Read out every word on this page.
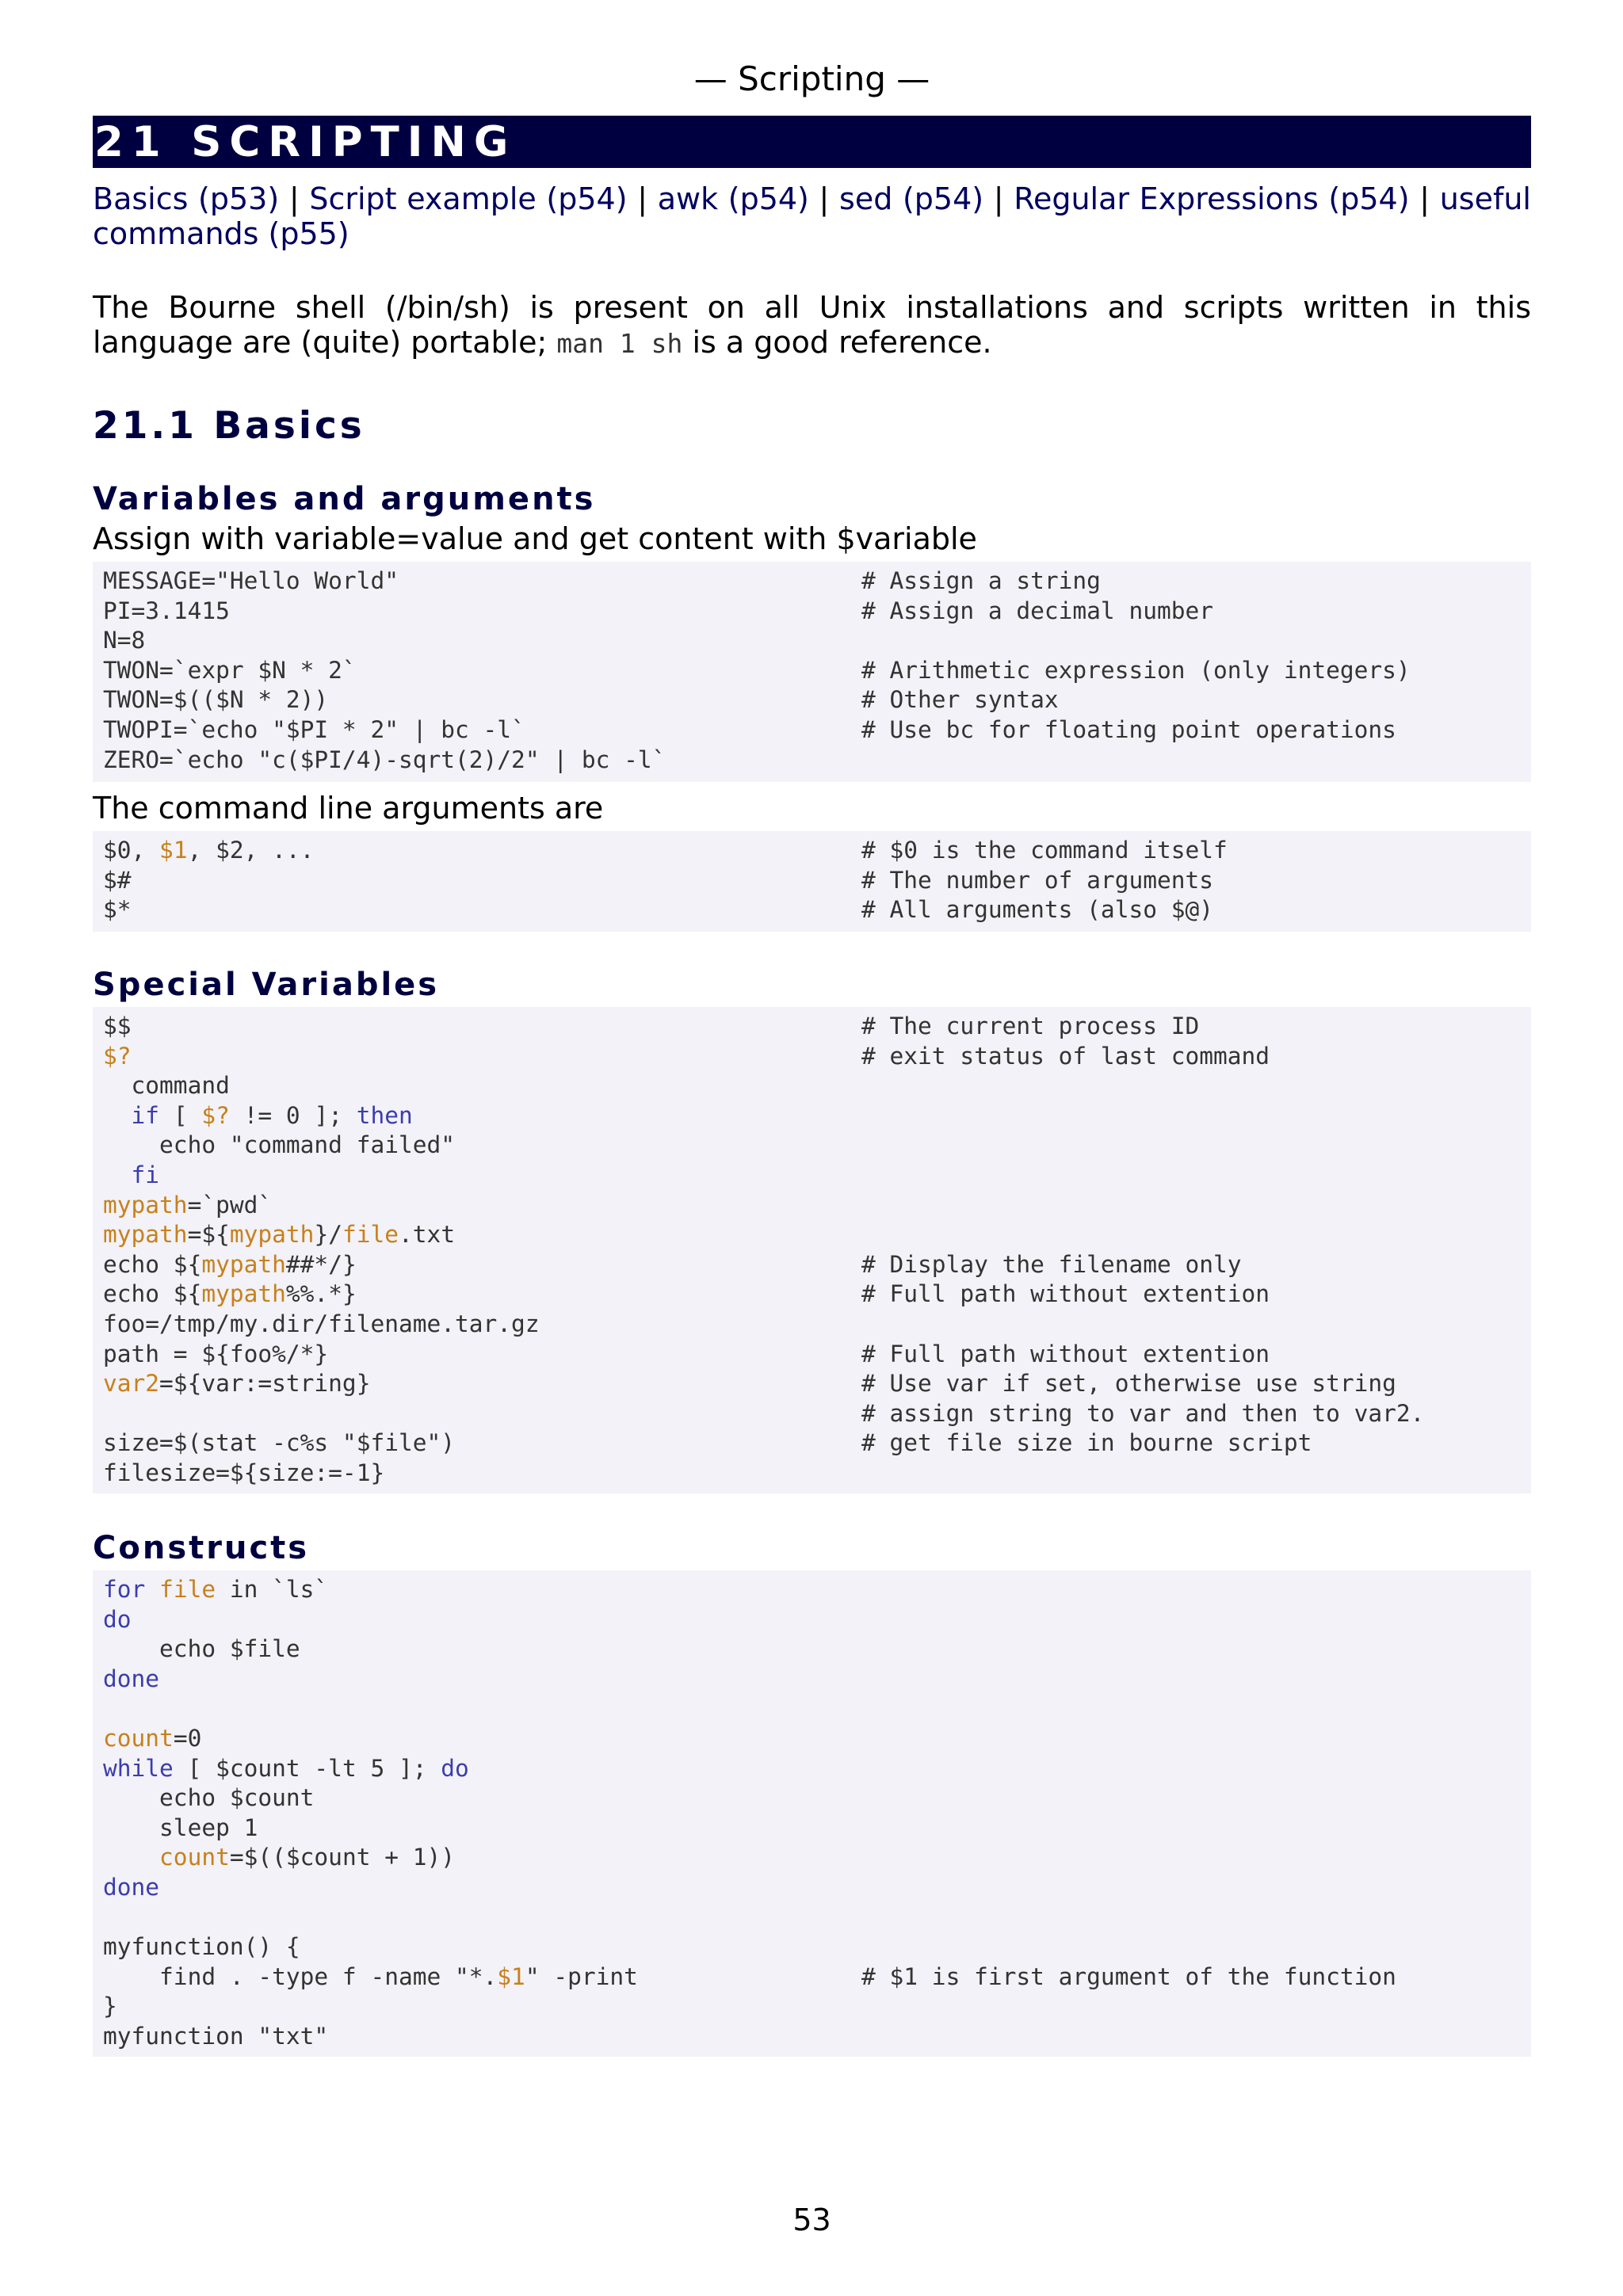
— Scripting —
21 SCRIPTING
Basics (p53) | Script example (p54) | awk (p54) | sed (p54) | Regular Expressions (p54) | useful commands (p55)
The Bourne shell (/bin/sh) is present on all Unix installations and scripts written in this language are (quite) portable; man 1 sh is a good reference.
21.1 Basics
Variables and arguments
Assign with variable=value and get content with $variable
MESSAGE="Hello World"	# Assign a string
PI=3.1415	# Assign a decimal number
N=8
TWON=`expr $N * 2`	# Arithmetic expression (only integers)
TWON=$(($N * 2))	# Other syntax
TWOPI=`echo "$PI * 2" | bc -l`	# Use bc for floating point operations
ZERO=`echo "c($PI/4)-sqrt(2)/2" | bc -l`
The command line arguments are
$0, $1, $2, ...	# $0 is the command itself
$#	# The number of arguments
$*	# All arguments (also $@)
Special Variables
$$	# The current process ID
$?	# exit status of last command
command
if [ $? != 0 ]; then
echo "command failed"
fi
mypath=`pwd`
mypath=${mypath}/file.txt
echo ${mypath##*/}	# Display the filename only
echo ${mypath%%.*}	# Full path without extention
foo=/tmp/my.dir/filename.tar.gz
path = ${foo%/*}	# Full path without extention
var2=${var:=string}	# Use var if set, otherwise use string
# assign string to var and then to var2.
size=$(stat -c%s "$file")	# get file size in bourne script
filesize=${size:=-1}
Constructs
for file in `ls`
do
echo $file
done
count=0
while [ $count -lt 5 ]; do
echo $count
sleep 1
count=$(($count + 1))
done
myfunction() {
find . -type f -name "*.$1" -print	# $1 is first argument of the function
}
myfunction "txt"
53
